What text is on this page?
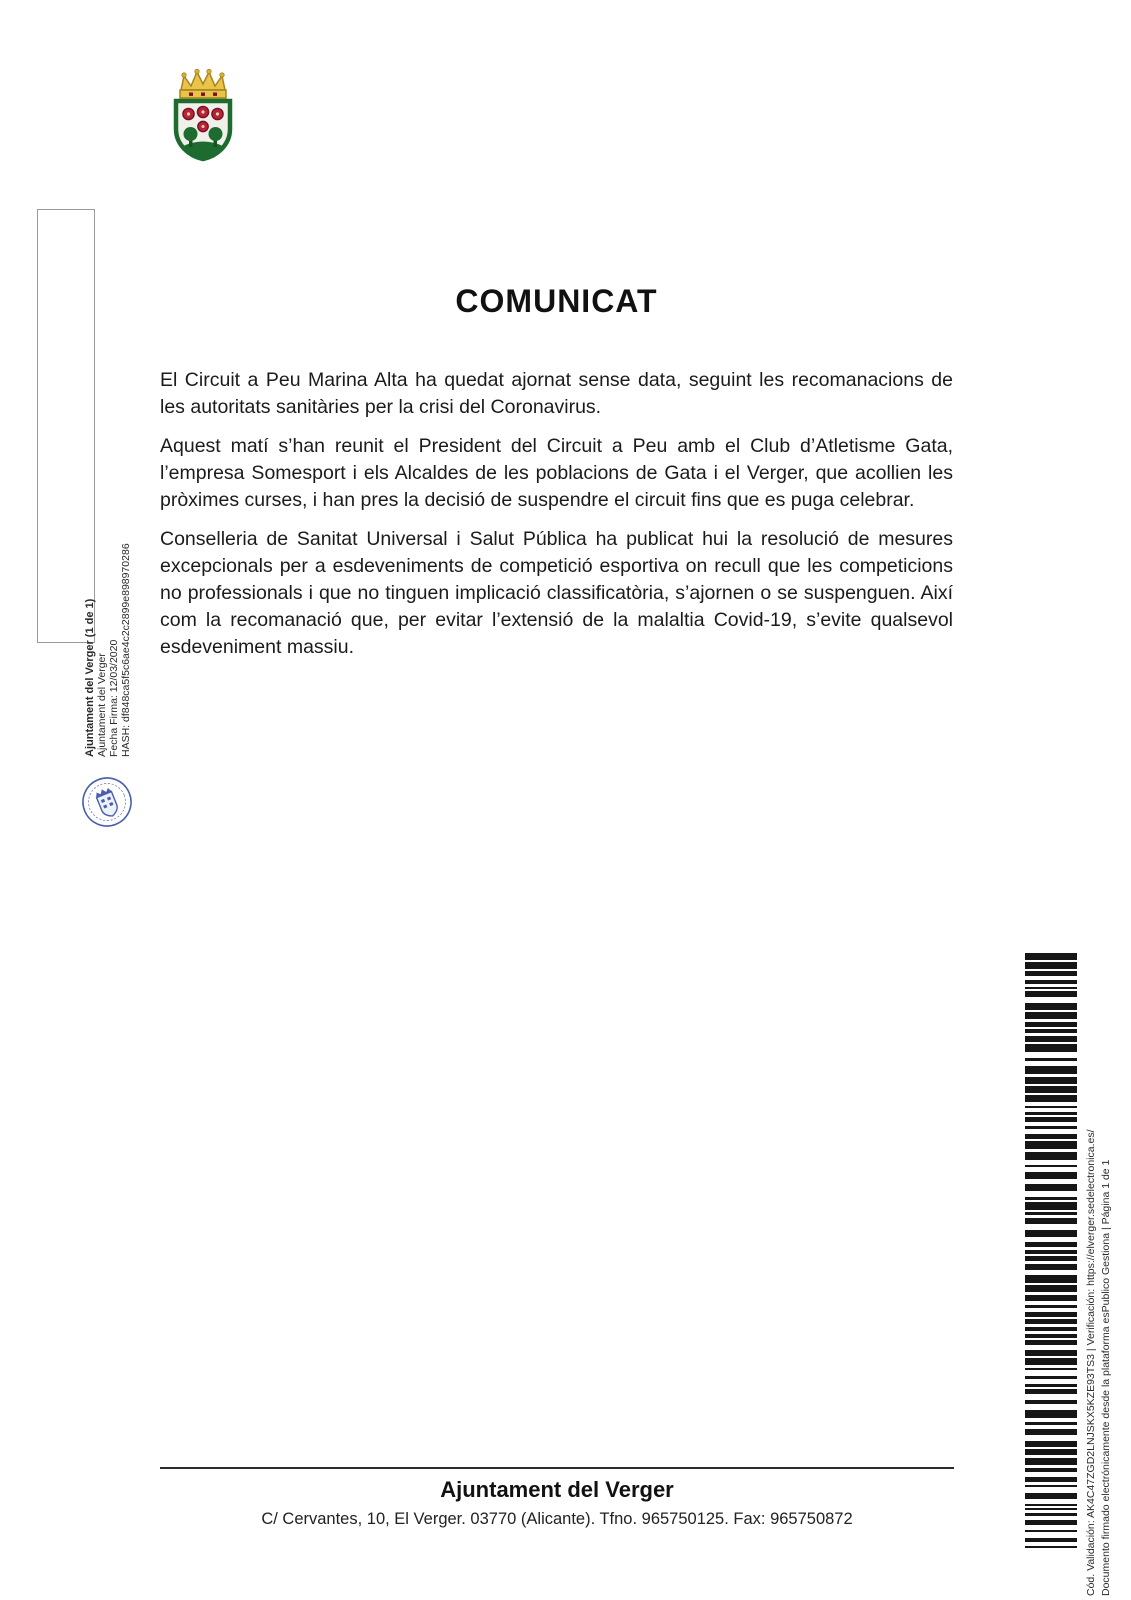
Ajuntament del Verger (1 de 1) Ajuntament del Verger Fecha Firma: 12/03/2020 HASH: df848ca5f5c6ae4c2c2899e898970286
COMUNICAT

El Circuit a Peu Marina Alta ha quedat ajornat sense data, seguint les recomanacions de les autoritats sanitàries per la crisi del Coronavirus.

Aquest matí s’han reunit el President del Circuit a Peu amb el Club d’Atletisme Gata, l’empresa Somesport i els Alcaldes de les poblacions de Gata i el Verger, que acollien les pròximes curses, i han pres la decisió de suspendre el circuit fins que es puga celebrar.

Conselleria de Sanitat Universal i Salut Pública ha publicat hui la resolució de mesures excepcionals per a esdeveniments de competició esportiva on recull que les competicions no professionals i que no tinguen implicació classificatòria, s’ajornen o se suspenguen. Així com la recomanació que, per evitar l’extensió de la malaltia Covid-19, s’evite qualsevol esdeveniment massiu.

Ajuntament del Verger
C/ Cervantes, 10, El Verger. 03770 (Alicante). Tfno. 965750125. Fax: 965750872	Cód. Validación: AK4C47ZGD2LNJSKX5KZE93TS3 | Verificación: https://elverger.sedelectronica.es/ Documento firmado electrónicamente desde la plataforma esPublico Gestiona | Página 1 de 1
